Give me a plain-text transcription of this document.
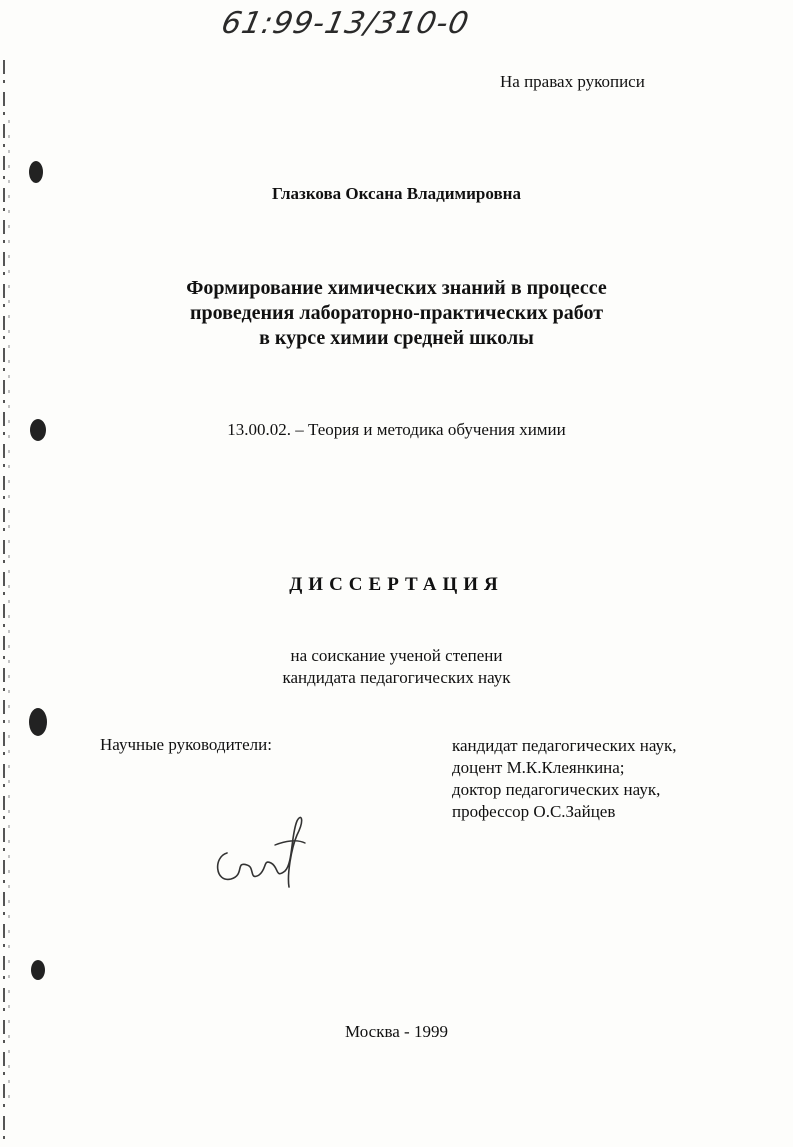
61:99-13/310-0
На правах рукописи
Глазкова Оксана Владимировна
Формирование химических знаний в процессе
проведения лабораторно-практических работ
в курсе химии средней школы
13.00.02. – Теория и методика обучения химии
ДИССЕРТАЦИЯ
на соискание ученой степени
кандидата педагогических наук
Научные руководители:	кандидат педагогических наук,
доцент М.К.Клеянкина;
доктор педагогических наук,
профессор О.С.Зайцев
Москва - 1999
